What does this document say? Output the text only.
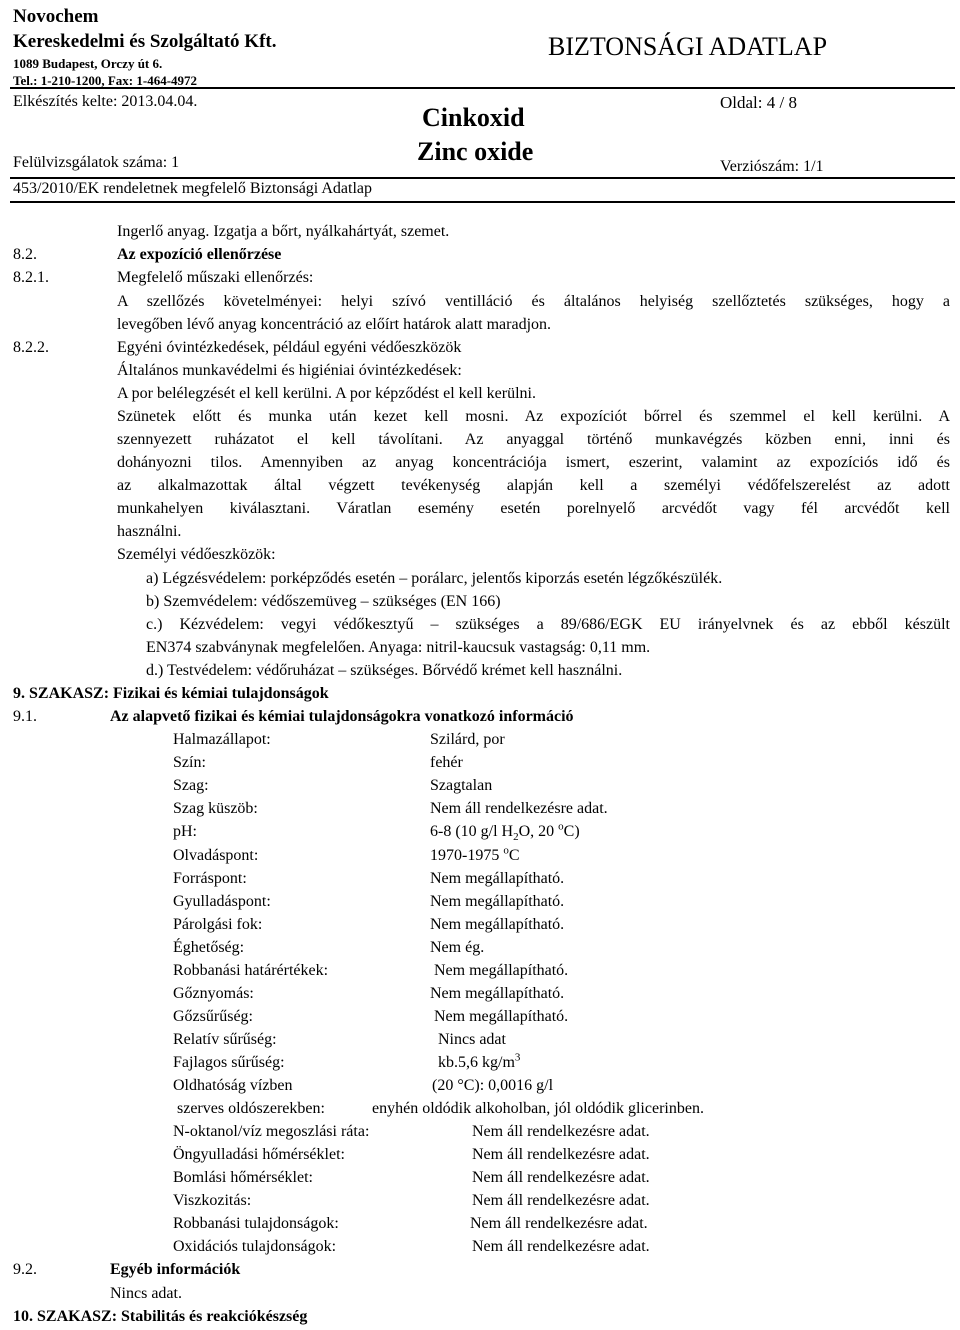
Novochem
Kereskedelmi és Szolgáltató Kft.
1089 Budapest, Orczy út 6.
Tel.: 1-210-1200, Fax: 1-464-4972
BIZTONSÁGI ADATLAP
Elkészítés kelte: 2013.04.04.	Oldal: 4 / 8
Cinkoxid
Zinc oxide
Felülvizsgálatok száma: 1	Verziószám: 1/1
453/2010/EK rendeletnek megfelelő Biztonsági Adatlap
Ingerlő anyag. Izgatja a bőrt, nyálkahártyát, szemet.
8.2.	Az expozíció ellenőrzése
8.2.1.	Megfelelő műszaki ellenőrzés:
A szellőzés követelményei: helyi szívó ventilláció és általános helyiség szellőztetés szükséges, hogy a
levegőben lévő anyag koncentráció az előírt határok alatt maradjon.
8.2.2.	Egyéni óvintézkedések, például egyéni védőeszközök
Általános munkavédelmi és higiéniai óvintézkedések:
A por belélegzését el kell kerülni. A por képződést el kell kerülni.
Szünetek előtt és munka után kezet kell mosni. Az expozíciót bőrrel és szemmel el kell kerülni. A
szennyezett ruházatot el kell távolítani. Az anyaggal történő munkavégzés közben enni, inni és
dohányozni tilos. Amennyiben az anyag koncentrációja ismert, eszerint, valamint az expozíciós idő és
az alkalmazottak által végzett tevékenység alapján kell a személyi védőfelszerelést az adott
munkahelyen kiválasztani. Váratlan esemény esetén porelnyelő arcvédőt vagy fél arcvédőt kell
használni.
Személyi védőeszközök:
a) Légzésvédelem: porképződés esetén – porálarc, jelentős kiporzás esetén légzőkészülék.
b) Szemvédelem: védőszemüveg – szükséges (EN 166)
c.) Kézvédelem: vegyi védőkesztyű – szükséges a 89/686/EGK EU irányelvnek és az ebből készült
EN374 szabványnak megfelelően. Anyaga: nitril-kaucsuk vastagság: 0,11 mm.
d.) Testvédelem: védőruházat – szükséges. Bőrvédő krémet kell használni.
9. SZAKASZ: Fizikai és kémiai tulajdonságok
9.1.	Az alapvető fizikai és kémiai tulajdonságokra vonatkozó információ
Halmazállapot:	Szilárd, por
Szín:	fehér
Szag:	Szagtalan
Szag küszöb:	Nem áll rendelkezésre adat.
pH:	6-8 (10 g/l $H_2O$, 20 $^o$C)
Olvadáspont:	1970-1975 $^o$C
Forráspont:	Nem megállapítható.
Gyulladáspont:	Nem megállapítható.
Párolgási fok:	Nem megállapítható.
Éghetőség:	Nem ég.
Robbanási határértékek:	Nem megállapítható.
Gőznyomás:	Nem megállapítható.
Gőzsűrűség:	Nem megállapítható.
Relatív sűrűség:	Nincs adat
Fajlagos sűrűség:	kb.5,6 $kg/m^3$
Oldhatóság vízben	(20 °C): 0,0016 g/l
szerves oldószerekben:	enyhén oldódik alkoholban, jól oldódik glicerinben.
N-oktanol/víz megoszlási ráta:	Nem áll rendelkezésre adat.
Öngyulladási hőmérséklet:	Nem áll rendelkezésre adat.
Bomlási hőmérséklet:	Nem áll rendelkezésre adat.
Viszkozitás:	Nem áll rendelkezésre adat.
Robbanási tulajdonságok:	Nem áll rendelkezésre adat.
Oxidációs tulajdonságok:	Nem áll rendelkezésre adat.
9.2.	Egyéb információk
Nincs adat.
10. SZAKASZ: Stabilitás és reakciókészség
